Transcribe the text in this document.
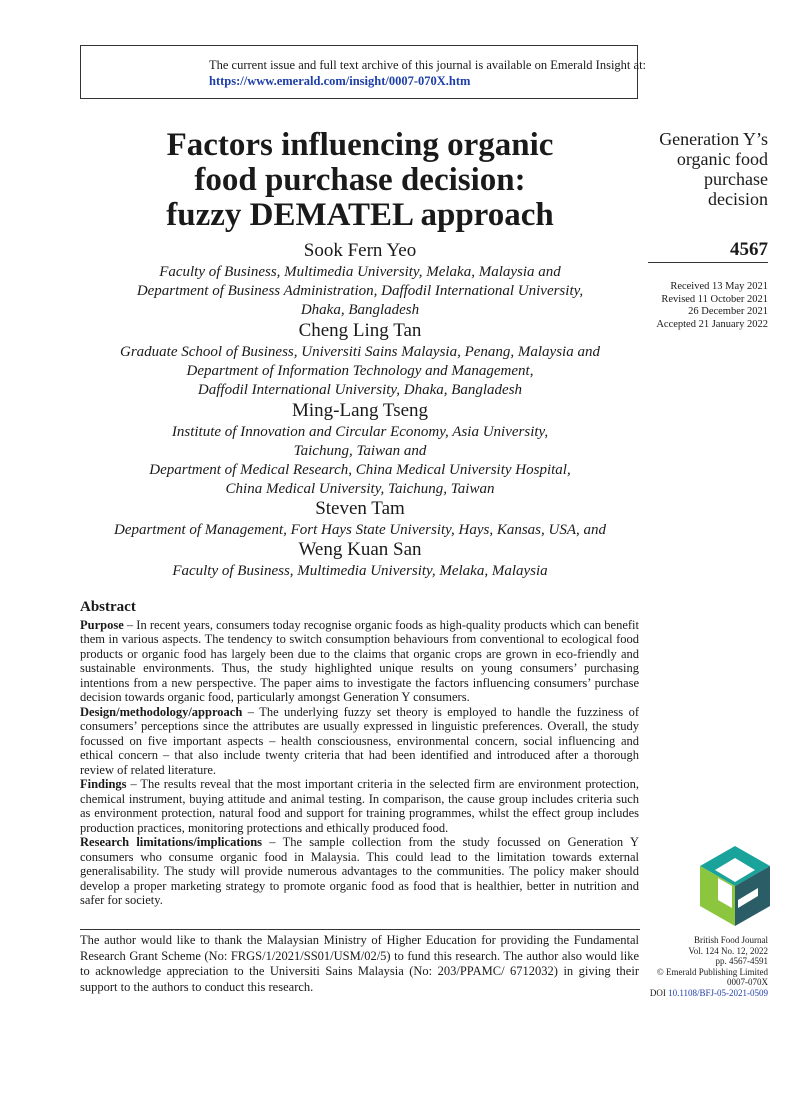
The current issue and full text archive of this journal is available on Emerald Insight at:
https://www.emerald.com/insight/0007-070X.htm
Factors influencing organic
food purchase decision:
fuzzy DEMATEL approach
Sook Fern Yeo
Faculty of Business, Multimedia University, Melaka, Malaysia and
Department of Business Administration, Daffodil International University,
Dhaka, Bangladesh
Cheng Ling Tan
Graduate School of Business, Universiti Sains Malaysia, Penang, Malaysia and
Department of Information Technology and Management,
Daffodil International University, Dhaka, Bangladesh
Ming-Lang Tseng
Institute of Innovation and Circular Economy, Asia University,
Taichung, Taiwan and
Department of Medical Research, China Medical University Hospital,
China Medical University, Taichung, Taiwan
Steven Tam
Department of Management, Fort Hays State University, Hays, Kansas, USA, and
Weng Kuan San
Faculty of Business, Multimedia University, Melaka, Malaysia
Generation Y’s
organic food
purchase
decision
4567
Received 13 May 2021
Revised 11 October 2021
26 December 2021
Accepted 21 January 2022
Abstract

Purpose – In recent years, consumers today recognise organic foods as high-quality products which can benefit them in various aspects. The tendency to switch consumption behaviours from conventional to ecological food products or organic food has largely been due to the claims that organic crops are grown in eco-friendly and sustainable environments. Thus, the study highlighted unique results on young consumers’ purchasing intentions from a new perspective. The paper aims to investigate the factors influencing consumers’ purchase decision towards organic food, particularly amongst Generation Y consumers.

Design/methodology/approach – The underlying fuzzy set theory is employed to handle the fuzziness of consumers’ perceptions since the attributes are usually expressed in linguistic preferences. Overall, the study focussed on five important aspects – health consciousness, environmental concern, social influencing and ethical concern – that also include twenty criteria that had been identified and introduced after a thorough review of related literature.

Findings – The results reveal that the most important criteria in the selected firm are environment protection, chemical instrument, buying attitude and animal testing. In comparison, the cause group includes criteria such as environment protection, natural food and support for training programmes, whilst the effect group includes production practices, monitoring protections and ethically produced food.

Research limitations/implications – The sample collection from the study focussed on Generation Y consumers who consume organic food in Malaysia. This could lead to the limitation towards external generalisability. The study will provide numerous advantages to the communities. The policy maker should develop a proper marketing strategy to promote organic food as food that is healthier, better in nutrition and safer for society.

The author would like to thank the Malaysian Ministry of Higher Education for providing the Fundamental Research Grant Scheme (No: FRGS/1/2021/SS01/USM/02/5) to fund this research. The author also would like to acknowledge appreciation to the Universiti Sains Malaysia (No: 203/PPAMC/ 6712032) in giving their support to the authors to conduct this research.

British Food Journal
Vol. 124 No. 12, 2022
pp. 4567-4591
© Emerald Publishing Limited
0007-070X
DOI 10.1108/BFJ-05-2021-0509
